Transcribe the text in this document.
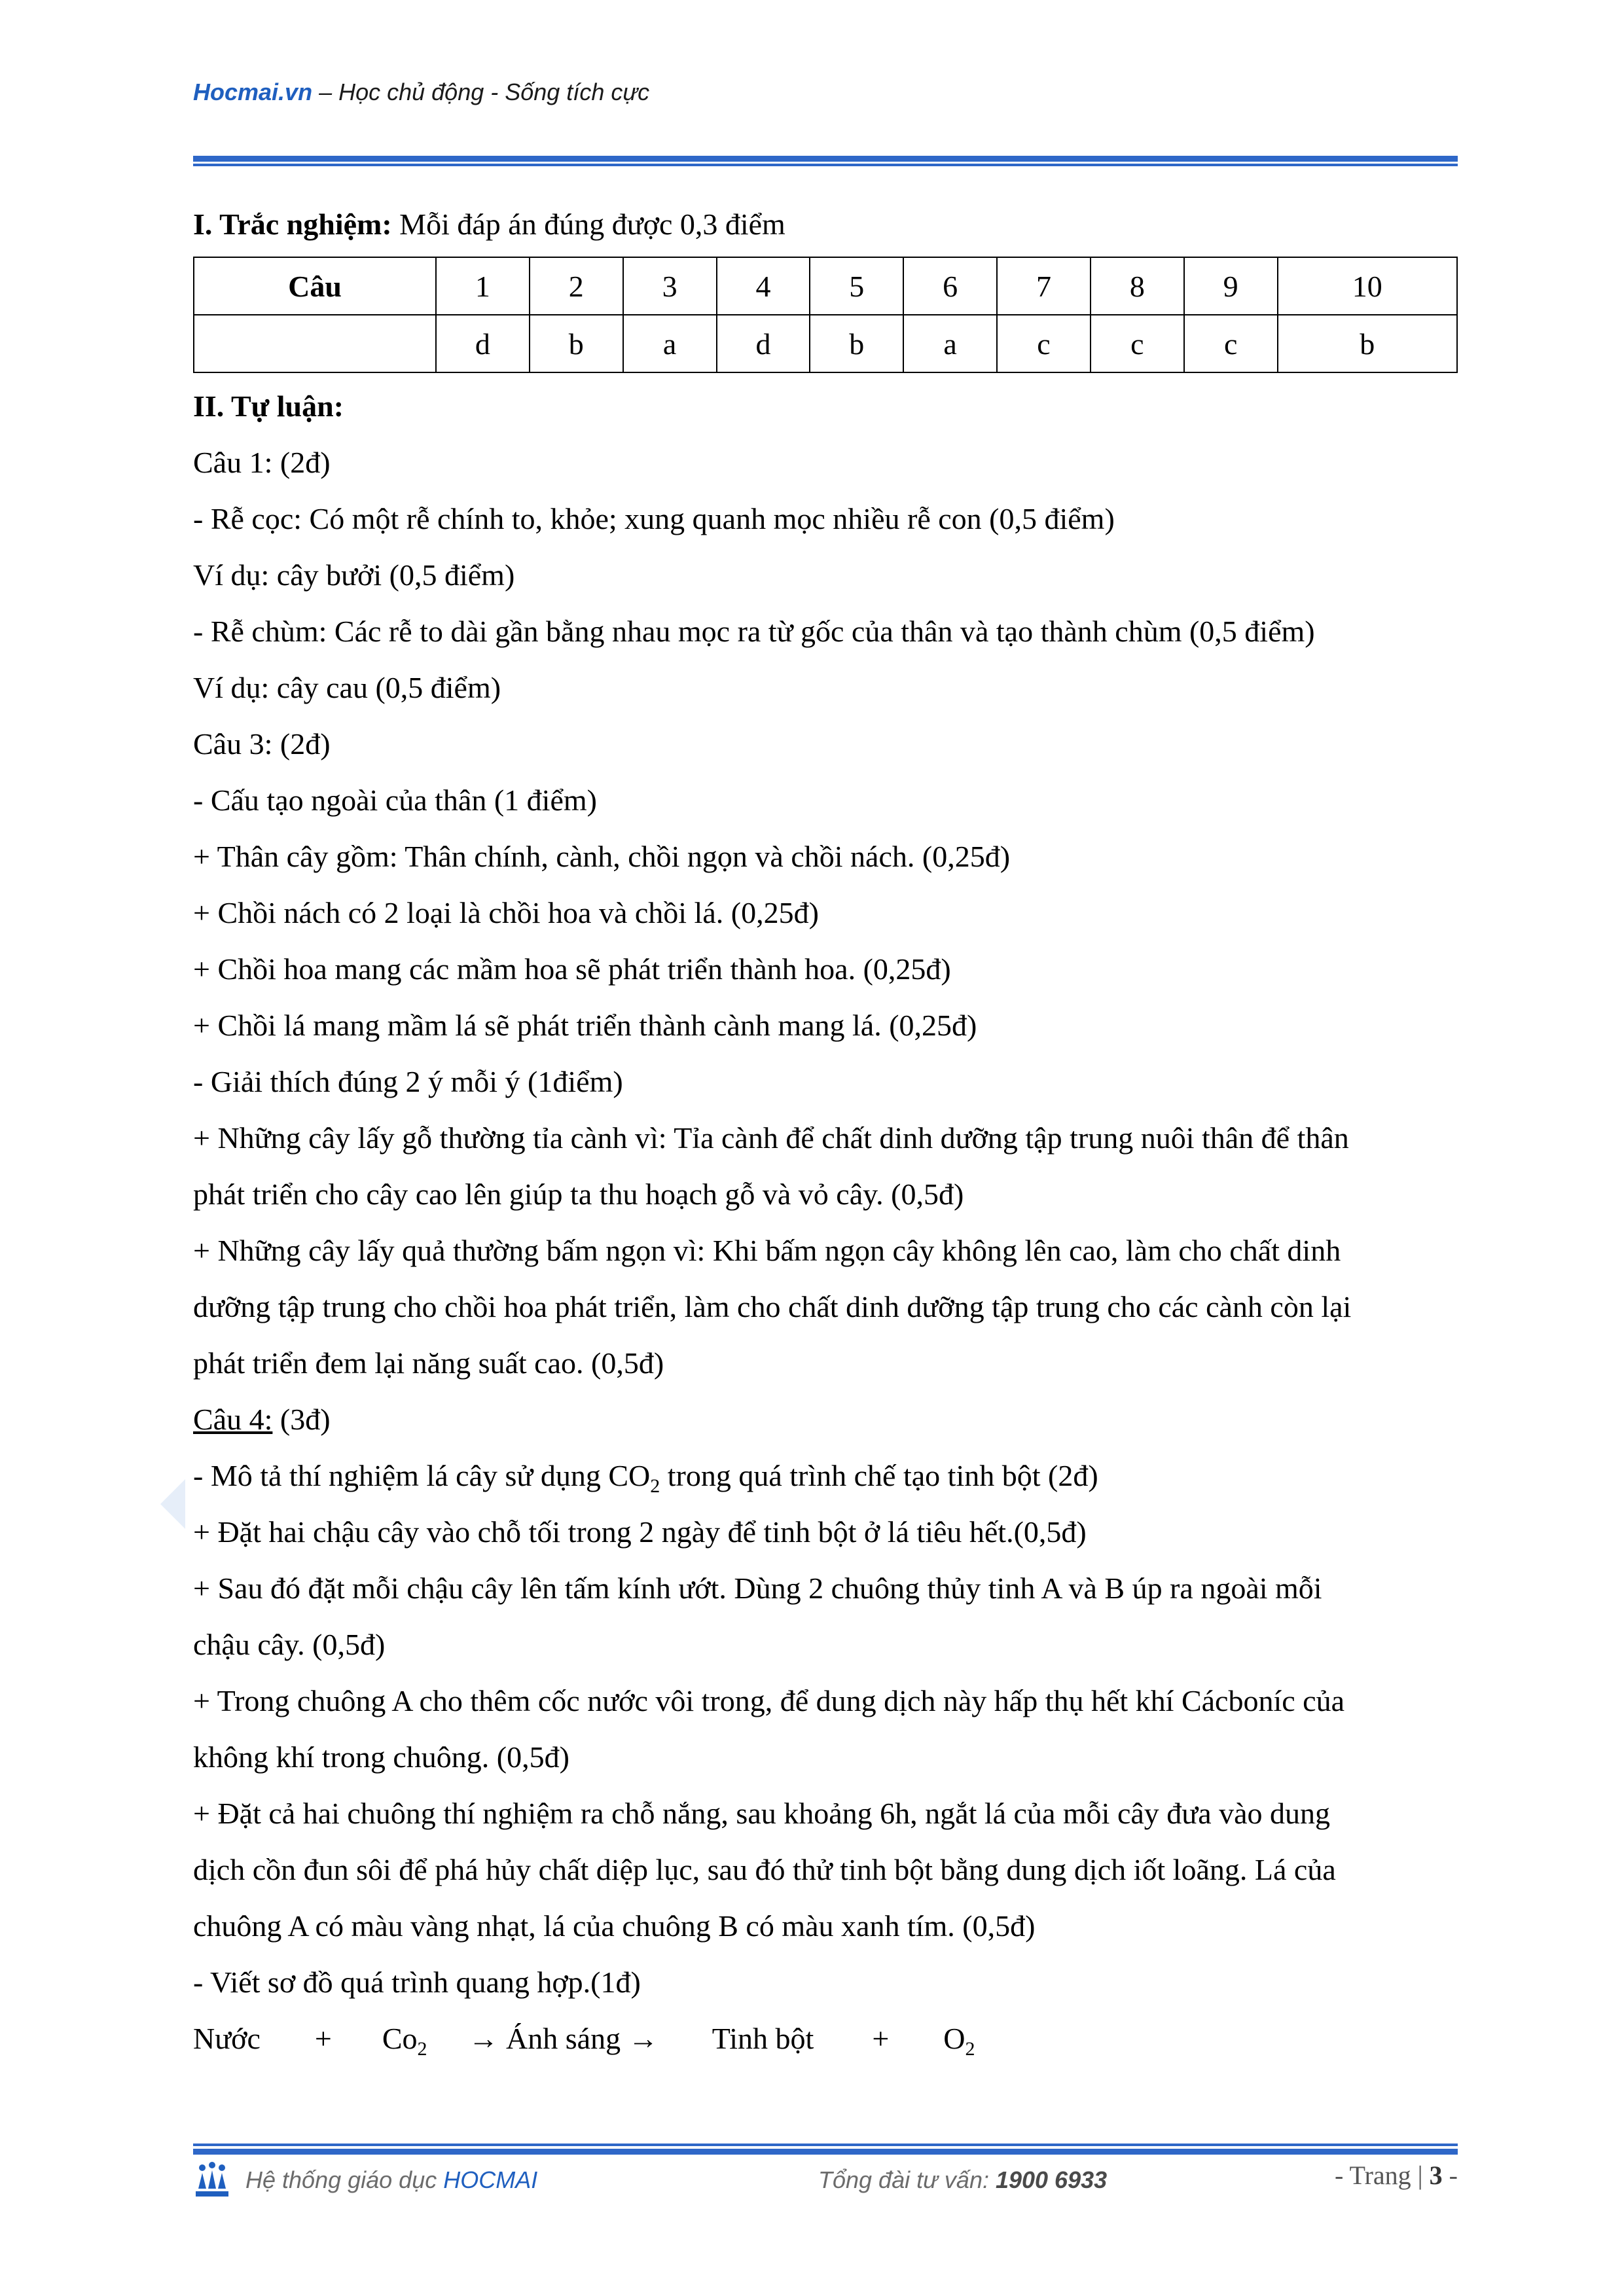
Hocmai.vn – Học chủ động - Sống tích cực
I. Trắc nghiệm: Mỗi đáp án đúng được 0,3 điểm
Câu	1	2	3	4	5	6	7	8	9	10
	d	b	a	d	b	a	c	c	c	b
II. Tự luận:
Câu 1: (2đ)
- Rễ cọc: Có một rễ chính to, khỏe; xung quanh mọc nhiều rễ con (0,5 điểm)
Ví dụ: cây bưởi (0,5 điểm)
- Rễ chùm: Các rễ to dài gần bằng nhau mọc ra từ gốc của thân và tạo thành chùm (0,5 điểm)
Ví dụ: cây cau (0,5 điểm)
Câu 3: (2đ)
- Cấu tạo ngoài của thân (1 điểm)
+ Thân cây gồm: Thân chính, cành, chồi ngọn và chồi nách. (0,25đ)
+ Chồi nách có 2 loại là chồi hoa và chồi lá. (0,25đ)
+ Chồi hoa mang các mầm hoa sẽ phát triển thành hoa. (0,25đ)
+ Chồi lá mang mầm lá sẽ phát triển thành cành mang lá. (0,25đ)
- Giải thích đúng 2 ý mỗi ý (1điểm)
+ Những cây lấy gỗ thường tỉa cành vì: Tỉa cành để chất dinh dưỡng tập trung nuôi thân để thân
phát triển cho cây cao lên giúp ta thu hoạch gỗ và vỏ cây. (0,5đ)
+ Những cây lấy quả thường bấm ngọn vì: Khi bấm ngọn cây không lên cao, làm cho chất dinh
dưỡng tập trung cho chồi hoa phát triển, làm cho chất dinh dưỡng tập trung cho các cành còn lại
phát triển đem lại năng suất cao. (0,5đ)
Câu 4: (3đ)
- Mô tả thí nghiệm lá cây sử dụng $CO_2$ trong quá trình chế tạo tinh bột (2đ)
+ Đặt hai chậu cây vào chỗ tối trong 2 ngày để tinh bột ở lá tiêu hết.(0,5đ)
+ Sau đó đặt mỗi chậu cây lên tấm kính ướt. Dùng 2 chuông thủy tinh A và B úp ra ngoài mỗi
chậu cây. (0,5đ)
+ Trong chuông A cho thêm cốc nước vôi trong, để dung dịch này hấp thụ hết khí Cácboníc của
không khí trong chuông. (0,5đ)
+ Đặt cả hai chuông thí nghiệm ra chỗ nắng, sau khoảng 6h, ngắt lá của mỗi cây đưa vào dung
dịch cồn đun sôi để phá hủy chất diệp lục, sau đó thử tinh bột bằng dung dịch iốt loãng. Lá của
chuông A có màu vàng nhạt, lá của chuông B có màu xanh tím. (0,5đ)
- Viết sơ đồ quá trình quang hợp.(1đ)
Nước + $Co_2$ → Ánh sáng → Tinh bột + $O_2$
Hệ thống giáo dục HOCMAI	Tổng đài tư vấn: 1900 6933	- Trang | 3 -
